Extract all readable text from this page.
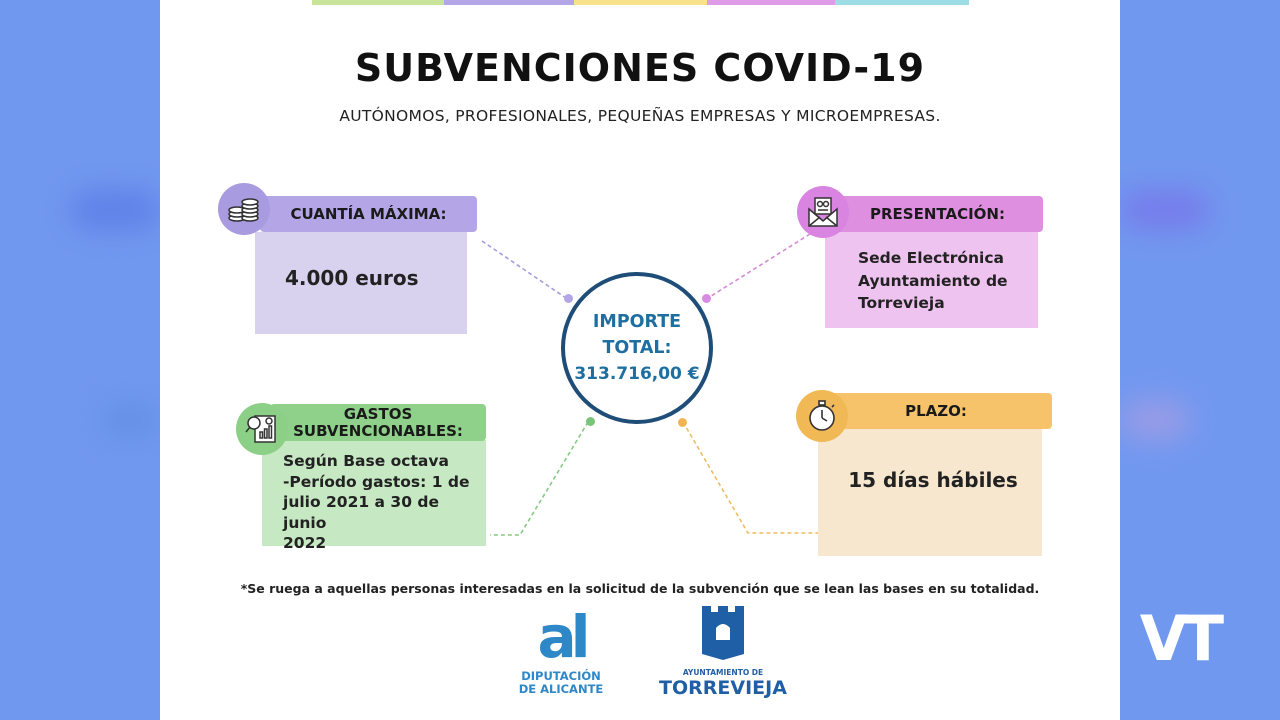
SUBVENCIONES COVID-19
AUTÓNOMOS, PROFESIONALES, PEQUEÑAS EMPRESAS Y MICROEMPRESAS.
4.000 euros
CUANTÍA MÁXIMA:
Sede Electrónica
Ayuntamiento de
Torrevieja
PRESENTACIÓN:
Según Base octava
-Período gastos: 1 de
julio 2021 a 30 de junio
2022
GASTOS
SUBVENCIONABLES:
15 días hábiles
PLAZO:
IMPORTE
TOTAL:
313.716,00 €
*Se ruega a aquellas personas interesadas en la solicitud de la subvención que se lean las bases en su totalidad.
al
DIPUTACIÓN
DE ALICANTE
AYUNTAMIENTO DE
TORREVIEJA
VT
